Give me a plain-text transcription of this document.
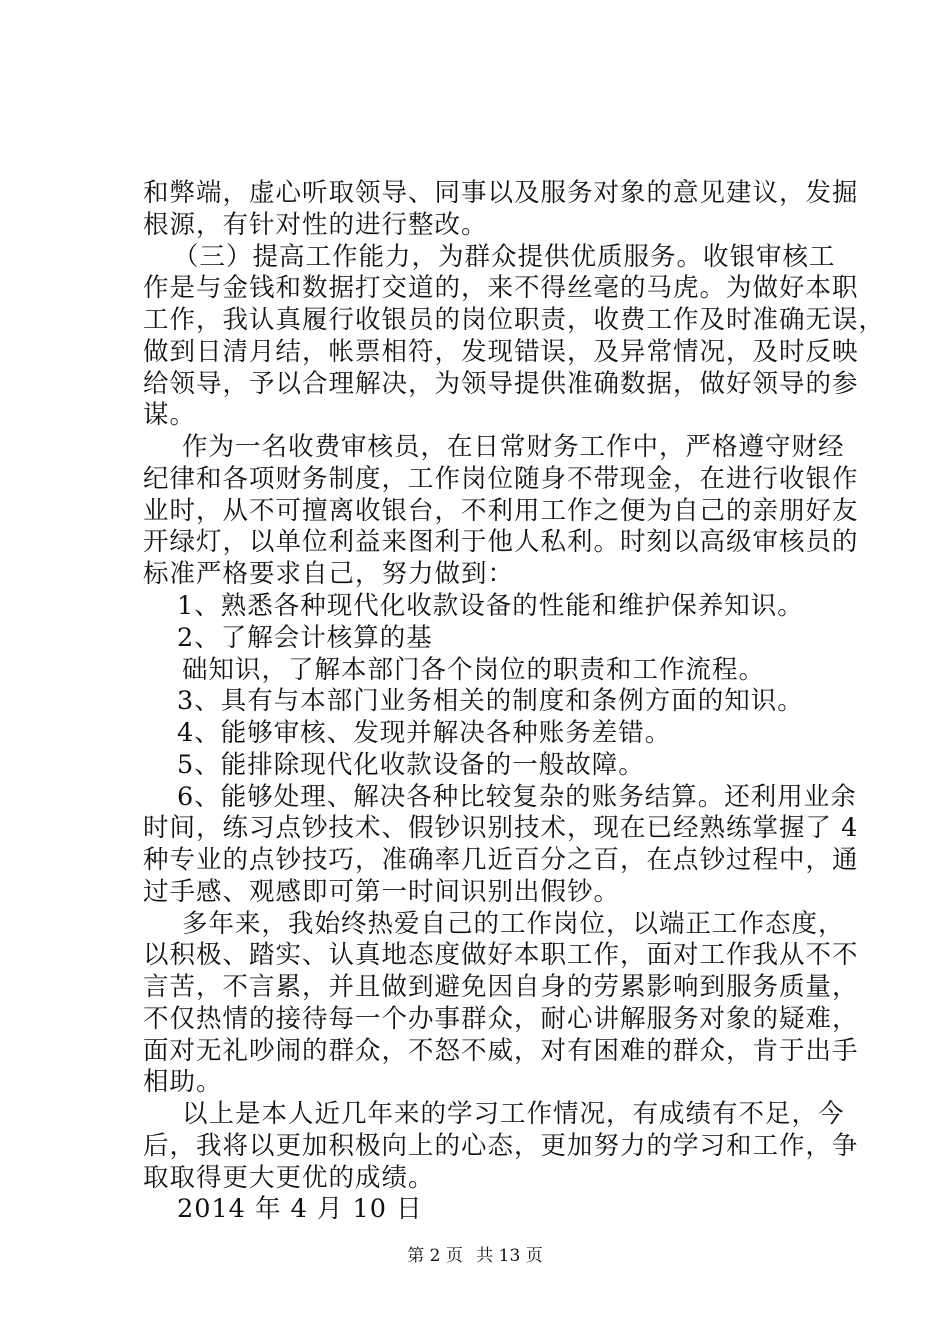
和弊端，虚心听取领导、同事以及服务对象的意见建议，发掘
根源，有针对性的进行整改。
（三）提高工作能力，为群众提供优质服务。收银审核工
作是与金钱和数据打交道的，来不得丝毫的马虎。为做好本职
工作，我认真履行收银员的岗位职责，收费工作及时准确无误，
做到日清月结，帐票相符，发现错误，及异常情况，及时反映
给领导，予以合理解决，为领导提供准确数据，做好领导的参
谋。
作为一名收费审核员，在日常财务工作中，严格遵守财经
纪律和各项财务制度，工作岗位随身不带现金，在进行收银作
业时，从不可擅离收银台，不利用工作之便为自己的亲朋好友
开绿灯，以单位利益来图利于他人私利。时刻以高级审核员的
标准严格要求自己，努力做到：
1、熟悉各种现代化收款设备的性能和维护保养知识。
2、了解会计核算的基
础知识，了解本部门各个岗位的职责和工作流程。
3、具有与本部门业务相关的制度和条例方面的知识。
4、能够审核、发现并解决各种账务差错。
5、能排除现代化收款设备的一般故障。
6、能够处理、解决各种比较复杂的账务结算。还利用业余
时间，练习点钞技术、假钞识别技术，现在已经熟练掌握了 4
种专业的点钞技巧，准确率几近百分之百，在点钞过程中，通
过手感、观感即可第一时间识别出假钞。
多年来，我始终热爱自己的工作岗位，以端正工作态度，
以积极、踏实、认真地态度做好本职工作，面对工作我从不不
言苦，不言累，并且做到避免因自身的劳累影响到服务质量，
不仅热情的接待每一个办事群众，耐心讲解服务对象的疑难，
面对无礼吵闹的群众，不怒不威，对有困难的群众，肯于出手
相助。
以上是本人近几年来的学习工作情况，有成绩有不足，今
后，我将以更加积极向上的心态，更加努力的学习和工作，争
取取得更大更优的成绩。
2014 年 4 月 10 日
第 2 页 共 13 页
